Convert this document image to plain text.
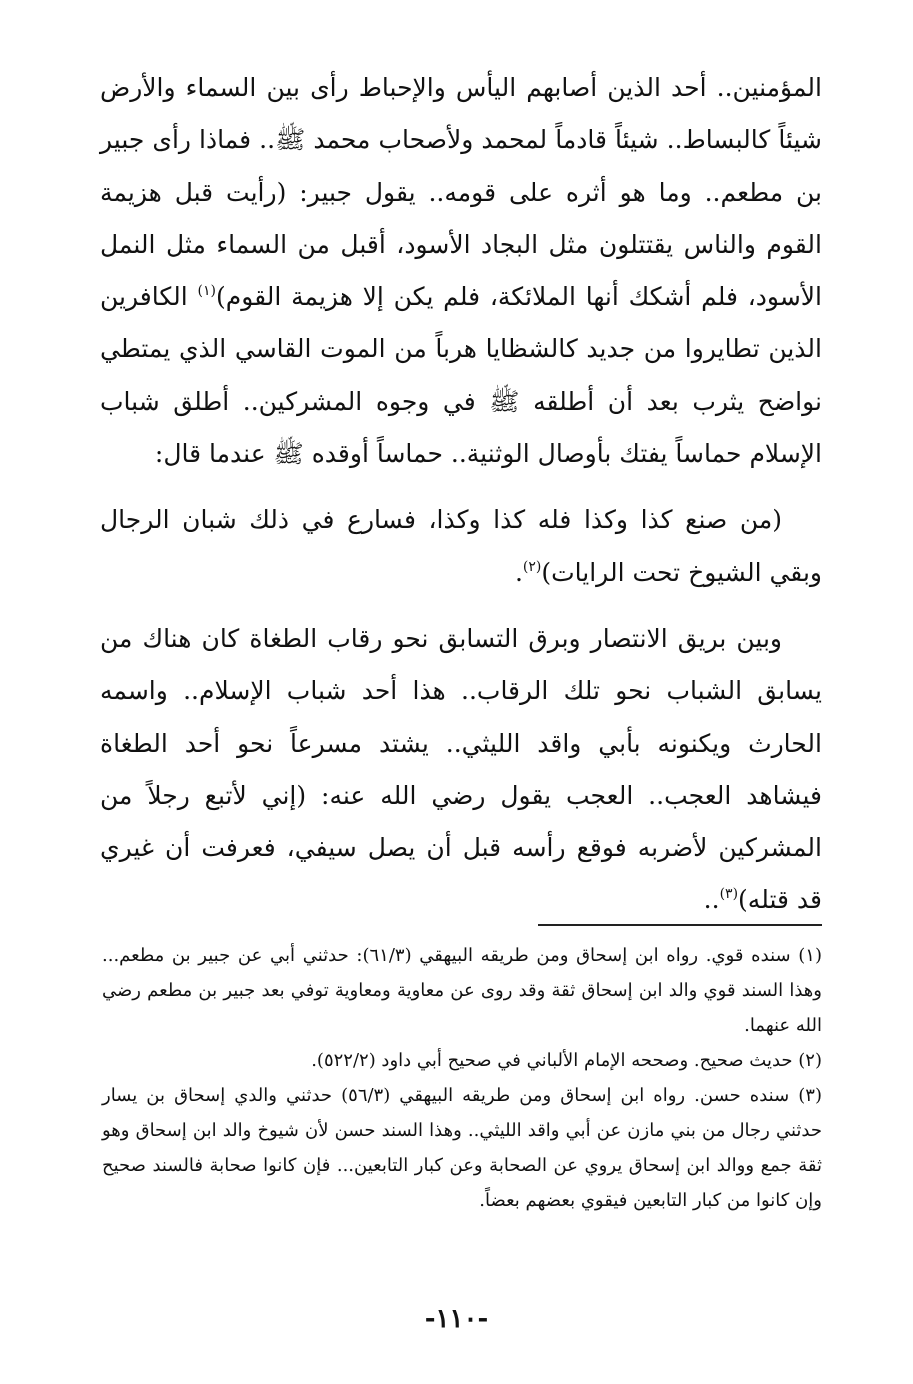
المؤمنين.. أحد الذين أصابهم اليأس والإحباط رأى بين السماء والأرض شيئاً كالبساط.. شيئاً قادماً لمحمد ولأصحاب محمد ﷺ.. فماذا رأى جبير بن مطعم.. وما هو أثره على قومه.. يقول جبير: (رأيت قبل هزيمة القوم والناس يقتتلون مثل البجاد الأسود، أقبل من السماء مثل النمل الأسود، فلم أشكك أنها الملائكة، فلم يكن إلا هزيمة القوم)$^{(١)}$ الكافرين الذين تطايروا من جديد كالشظايا هرباً من الموت القاسي الذي يمتطي نواضح يثرب بعد أن أطلقه ﷺ في وجوه المشركين.. أطلق شباب الإسلام حماساً يفتك بأوصال الوثنية.. حماساً أوقده ﷺ عندما قال:

(من صنع كذا وكذا فله كذا وكذا، فسارع في ذلك شبان الرجال وبقي الشيوخ تحت الرايات)$^{(٢)}$.

وبين بريق الانتصار وبرق التسابق نحو رقاب الطغاة كان هناك من يسابق الشباب نحو تلك الرقاب.. هذا أحد شباب الإسلام.. واسمه الحارث ويكنونه بأبي واقد الليثي.. يشتد مسرعاً نحو أحد الطغاة فيشاهد العجب.. العجب يقول رضي الله عنه: (إني لأتبع رجلاً من المشركين لأضربه فوقع رأسه قبل أن يصل سيفي، فعرفت أن غيري قد قتله)$^{(٣)}$..

(١) سنده قوي. رواه ابن إسحاق ومن طريقه البيهقي (٦١/٣): حدثني أبي عن جبير بن مطعم... وهذا السند قوي والد ابن إسحاق ثقة وقد روى عن معاوية ومعاوية توفي بعد جبير بن مطعم رضي الله عنهما.

(٢) حديث صحيح. وصححه الإمام الألباني في صحيح أبي داود (٥٢٢/٢).

(٣) سنده حسن. رواه ابن إسحاق ومن طريقه البيهقي (٥٦/٣) حدثني والدي إسحاق بن يسار حدثني رجال من بني مازن عن أبي واقد الليثي.. وهذا السند حسن لأن شيوخ والد ابن إسحاق وهو ثقة جمع ووالد ابن إسحاق يروي عن الصحابة وعن كبار التابعين... فإن كانوا صحابة فالسند صحيح وإن كانوا من كبار التابعين فيقوي بعضهم بعضاً.

-١١٠-
